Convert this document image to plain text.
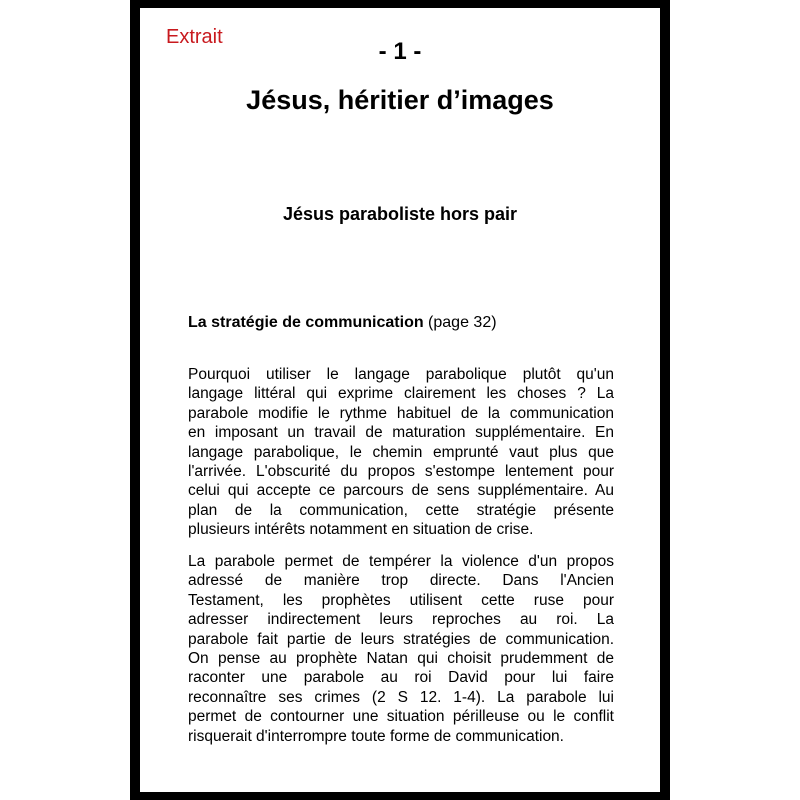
Extrait
- 1 -
Jésus, héritier d’images
Jésus paraboliste hors pair
La stratégie de communication (page 32)
Pourquoi utiliser le langage parabolique plutôt qu'un
langage littéral qui exprime clairement les choses ? La
parabole modifie le rythme habituel de la communication
en imposant un travail de maturation supplémentaire. En
langage parabolique, le chemin emprunté vaut plus que
l'arrivée. L'obscurité du propos s'estompe lentement pour
celui qui accepte ce parcours de sens supplémentaire. Au
plan de la communication, cette stratégie présente
plusieurs intérêts notamment en situation de crise.
La parabole permet de tempérer la violence d'un propos
adressé de manière trop directe. Dans l'Ancien
Testament, les prophètes utilisent cette ruse pour
adresser indirectement leurs reproches au roi. La
parabole fait partie de leurs stratégies de communication.
On pense au prophète Natan qui choisit prudemment de
raconter une parabole au roi David pour lui faire
reconnaître ses crimes (2 S 12. 1-4). La parabole lui
permet de contourner une situation périlleuse ou le conflit
risquerait d'interrompre toute forme de communication.
